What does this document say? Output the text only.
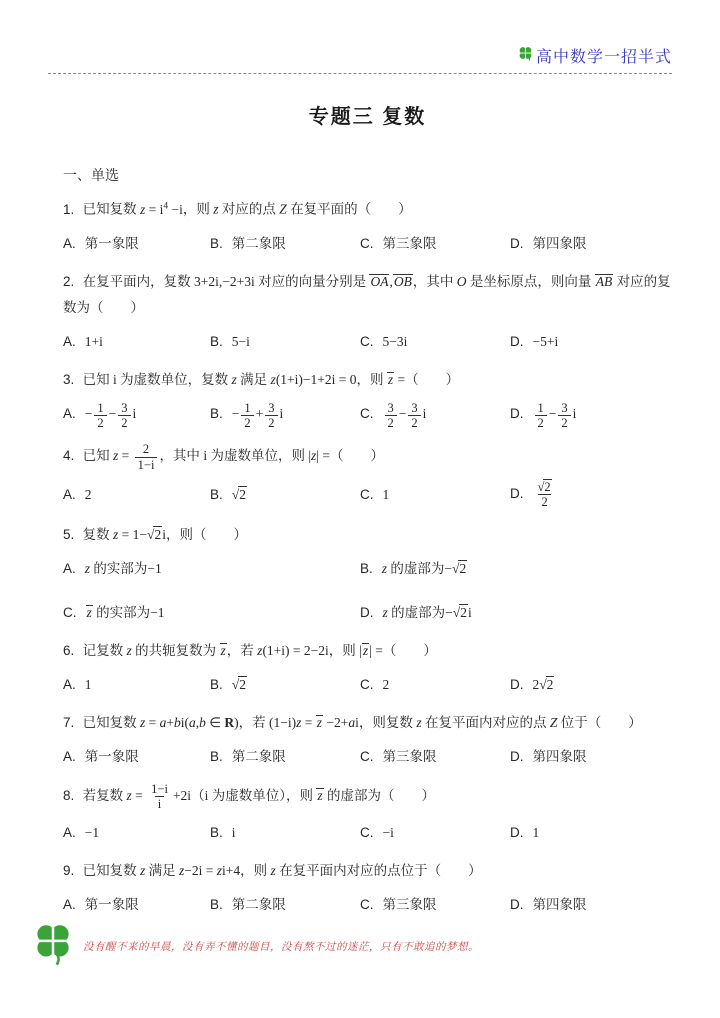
高中数学一招半式
专题三 复数
一、单选
1. 已知复数 $z = i^4 -i$，则 z 对应的点 Z 在复平面的（　　）
A. 第一象限	B. 第二象限	C. 第三象限	D. 第四象限
2. 在复平面内，复数 3+2i,−2+3i 对应的向量分别是 OA,OB，其中 O 是坐标原点，则向量 AB 对应的复数为（　　）
A. 1+i	B. 5−i	C. 5−3i	D. −5+i
3. 已知 i 为虚数单位，复数 z 满足 z(1+i)−1+2i = 0，则 z =（　　）
A. − $\frac{1}{2} - \frac{3}{2}$ i	B. − $\frac{1}{2} + \frac{3}{2}$ i	C. $\frac{3}{2} - \frac{3}{2}$ i	D. $\frac{1}{2} - \frac{3}{2}$ i
4. 已知 $z = \frac{2}{1-i}$ ，其中 i 为虚数单位，则 |z| =（　　）
A. 2	B. √2	C. 1	D. $\frac{√2}{2}$
5. 复数 z = 1−√2i，则（　　）
A. z 的实部为−1	B. z 的虚部为−√2
C. z 的实部为−1	D. z 的虚部为−√2i
6. 记复数 z 的共轭复数为 z，若 z(1+i) = 2−2i，则 |z| =（　　）
A. 1	B. √2	C. 2	D. 2√2
7. 已知复数 z = a+bi(a,b ∈ R)，若 (1−i)z = z −2+ai，则复数 z 在复平面内对应的点 Z 位于（　　）
A. 第一象限	B. 第二象限	C. 第三象限	D. 第四象限
8. 若复数 $z = \frac{1-i}{i} +2i(i$ 为虚数单位），则 z 的虚部为（　　）
A. −1	B. i	C. −i	D. 1
9. 已知复数 z 满足 z−2i = zi+4，则 z 在复平面内对应的点位于（　　）
A. 第一象限	B. 第二象限	C. 第三象限	D. 第四象限
没有醒不来的早晨，没有弄不懂的题目，没有熬不过的迷茫，只有不敢追的梦想。
